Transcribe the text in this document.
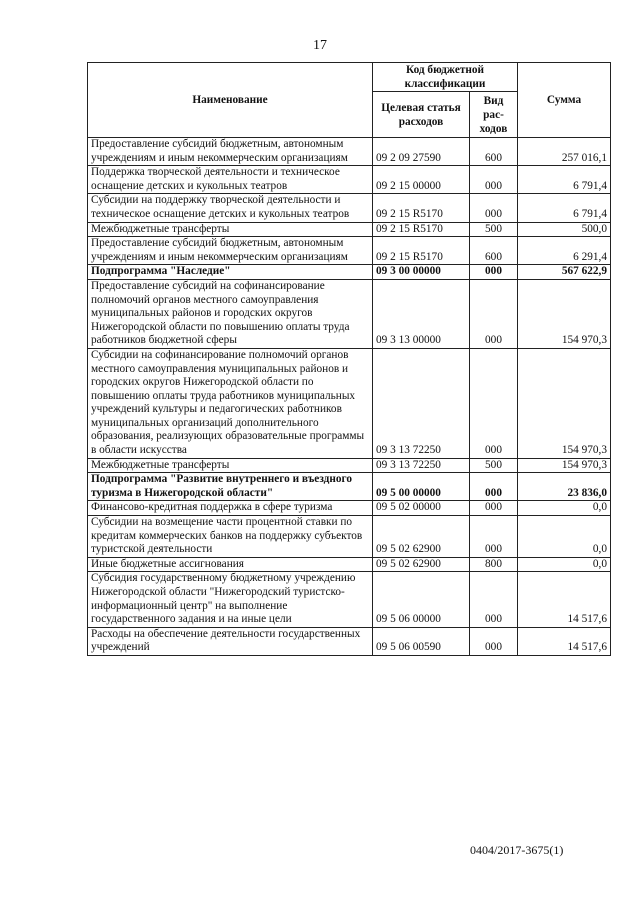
17
Наименование	Код бюджетной классификации		Сумма
	Целевая статья расходов	Вид рас-ходов	
Предоставление субсидий бюджетным, автономным учреждениям и иным некоммерческим организациям	09 2 09 27590	600	257 016,1
Поддержка творческой деятельности и техническое оснащение детских и кукольных театров	09 2 15 00000	000	6 791,4
Субсидии на поддержку творческой деятельности и техническое оснащение детских и кукольных театров	09 2 15 R5170	000	6 791,4
Межбюджетные трансферты	09 2 15 R5170	500	500,0
Предоставление субсидий бюджетным, автономным учреждениям и иным некоммерческим организациям	09 2 15 R5170	600	6 291,4
Подпрограмма "Наследие"	09 3 00 00000	000	567 622,9
Предоставление субсидий на софинансирование полномочий органов местного самоуправления муниципальных районов и городских округов Нижегородской области по повышению оплаты труда работников бюджетной сферы	09 3 13 00000	000	154 970,3
Субсидии на софинансирование полномочий органов местного самоуправления муниципальных районов и городских округов Нижегородской области по повышению оплаты труда работников муниципальных учреждений культуры и педагогических работников муниципальных организаций дополнительного образования, реализующих образовательные программы в области искусства	09 3 13 72250	000	154 970,3
Межбюджетные трансферты	09 3 13 72250	500	154 970,3
Подпрограмма "Развитие внутреннего и въездного туризма в Нижегородской области"	09 5 00 00000	000	23 836,0
Финансово-кредитная поддержка в сфере туризма	09 5 02 00000	000	0,0
Субсидии на возмещение части процентной ставки по кредитам коммерческих банков на поддержку субъектов туристской деятельности	09 5 02 62900	000	0,0
Иные бюджетные ассигнования	09 5 02 62900	800	0,0
Субсидия государственному бюджетному учреждению Нижегородской области "Нижегородский туристско-информационный центр" на выполнение государственного задания и на иные цели	09 5 06 00000	000	14 517,6
Расходы на обеспечение деятельности государственных учреждений	09 5 06 00590	000	14 517,6
0404/2017-3675(1)
